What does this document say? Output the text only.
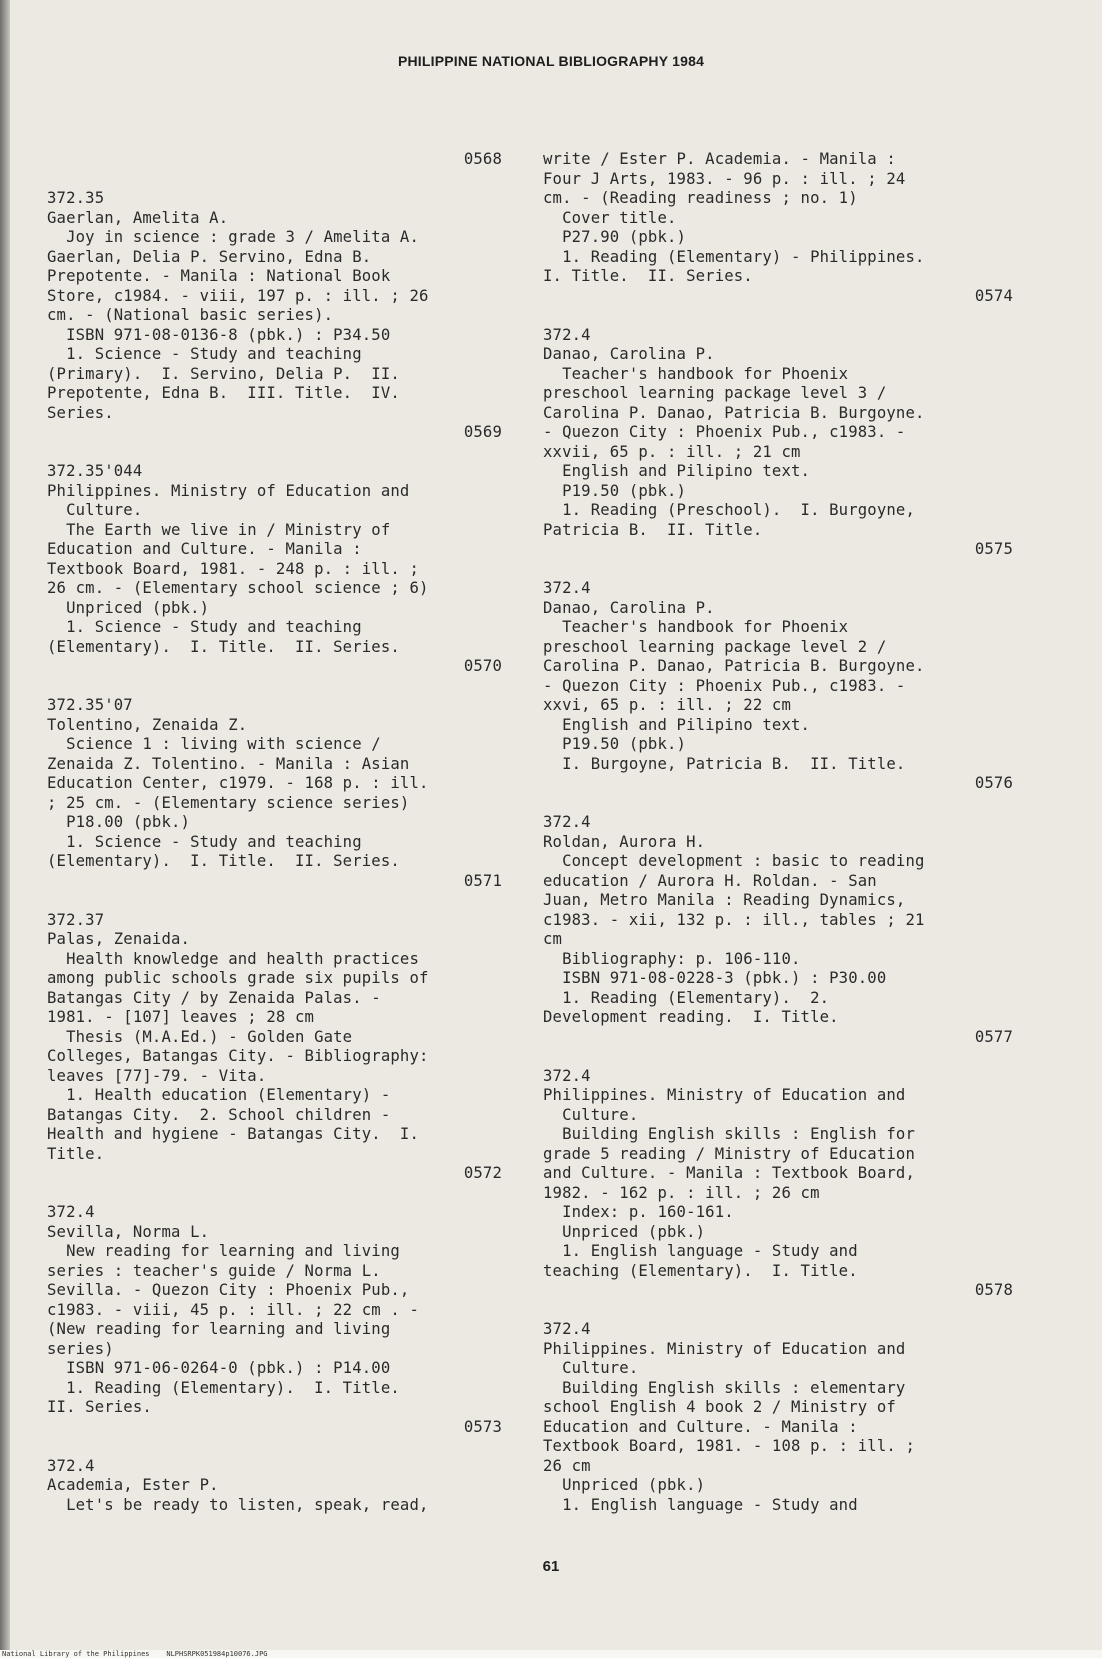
PHILIPPINE NATIONAL BIBLIOGRAPHY 1984
0568
372.35
Gaerlan, Amelita A.
Joy in science : grade 3 / Amelita A.
Gaerlan, Delia P. Servino, Edna B.
Prepotente. - Manila : National Book
Store, c1984. - viii, 197 p. : ill. ; 26
cm. - (National basic series).
ISBN 971-08-0136-8 (pbk.) : P34.50
1. Science - Study and teaching
(Primary).  I. Servino, Delia P.  II.
Prepotente, Edna B.  III. Title.  IV.
Series.
0569
372.35'044
Philippines. Ministry of Education and
Culture.
The Earth we live in / Ministry of
Education and Culture. - Manila :
Textbook Board, 1981. - 248 p. : ill. ;
26 cm. - (Elementary school science ; 6)
Unpriced (pbk.)
1. Science - Study and teaching
(Elementary).  I. Title.  II. Series.
0570
372.35'07
Tolentino, Zenaida Z.
Science 1 : living with science /
Zenaida Z. Tolentino. - Manila : Asian
Education Center, c1979. - 168 p. : ill.
; 25 cm. - (Elementary science series)
P18.00 (pbk.)
1. Science - Study and teaching
(Elementary).  I. Title.  II. Series.
0571
372.37
Palas, Zenaida.
Health knowledge and health practices
among public schools grade six pupils of
Batangas City / by Zenaida Palas. -
1981. - [107] leaves ; 28 cm
Thesis (M.A.Ed.) - Golden Gate
Colleges, Batangas City. - Bibliography:
leaves [77]-79. - Vita.
1. Health education (Elementary) -
Batangas City.  2. School children -
Health and hygiene - Batangas City.  I.
Title.
0572
372.4
Sevilla, Norma L.
New reading for learning and living
series : teacher's guide / Norma L.
Sevilla. - Quezon City : Phoenix Pub.,
c1983. - viii, 45 p. : ill. ; 22 cm . -
(New reading for learning and living
series)
ISBN 971-06-0264-0 (pbk.) : P14.00
1. Reading (Elementary).  I. Title.
II. Series.
0573
372.4
Academia, Ester P.
Let's be ready to listen, speak, read,
write / Ester P. Academia. - Manila :
Four J Arts, 1983. - 96 p. : ill. ; 24
cm. - (Reading readiness ; no. 1)
Cover title.
P27.90 (pbk.)
1. Reading (Elementary) - Philippines.
I. Title.  II. Series.
0574
372.4
Danao, Carolina P.
Teacher's handbook for Phoenix
preschool learning package level 3 /
Carolina P. Danao, Patricia B. Burgoyne.
- Quezon City : Phoenix Pub., c1983. -
xxvii, 65 p. : ill. ; 21 cm
English and Pilipino text.
P19.50 (pbk.)
1. Reading (Preschool).  I. Burgoyne,
Patricia B.  II. Title.
0575
372.4
Danao, Carolina P.
Teacher's handbook for Phoenix
preschool learning package level 2 /
Carolina P. Danao, Patricia B. Burgoyne.
- Quezon City : Phoenix Pub., c1983. -
xxvi, 65 p. : ill. ; 22 cm
English and Pilipino text.
P19.50 (pbk.)
I. Burgoyne, Patricia B.  II. Title.
0576
372.4
Roldan, Aurora H.
Concept development : basic to reading
education / Aurora H. Roldan. - San
Juan, Metro Manila : Reading Dynamics,
c1983. - xii, 132 p. : ill., tables ; 21
cm
Bibliography: p. 106-110.
ISBN 971-08-0228-3 (pbk.) : P30.00
1. Reading (Elementary).  2.
Development reading.  I. Title.
0577
372.4
Philippines. Ministry of Education and
Culture.
Building English skills : English for
grade 5 reading / Ministry of Education
and Culture. - Manila : Textbook Board,
1982. - 162 p. : ill. ; 26 cm
Index: p. 160-161.
Unpriced (pbk.)
1. English language - Study and
teaching (Elementary).  I. Title.
0578
372.4
Philippines. Ministry of Education and
Culture.
Building English skills : elementary
school English 4 book 2 / Ministry of
Education and Culture. - Manila :
Textbook Board, 1981. - 108 p. : ill. ;
26 cm
Unpriced (pbk.)
1. English language - Study and
61
National Library of the Philippines    NLPHSRPK051984p10076.JPG
